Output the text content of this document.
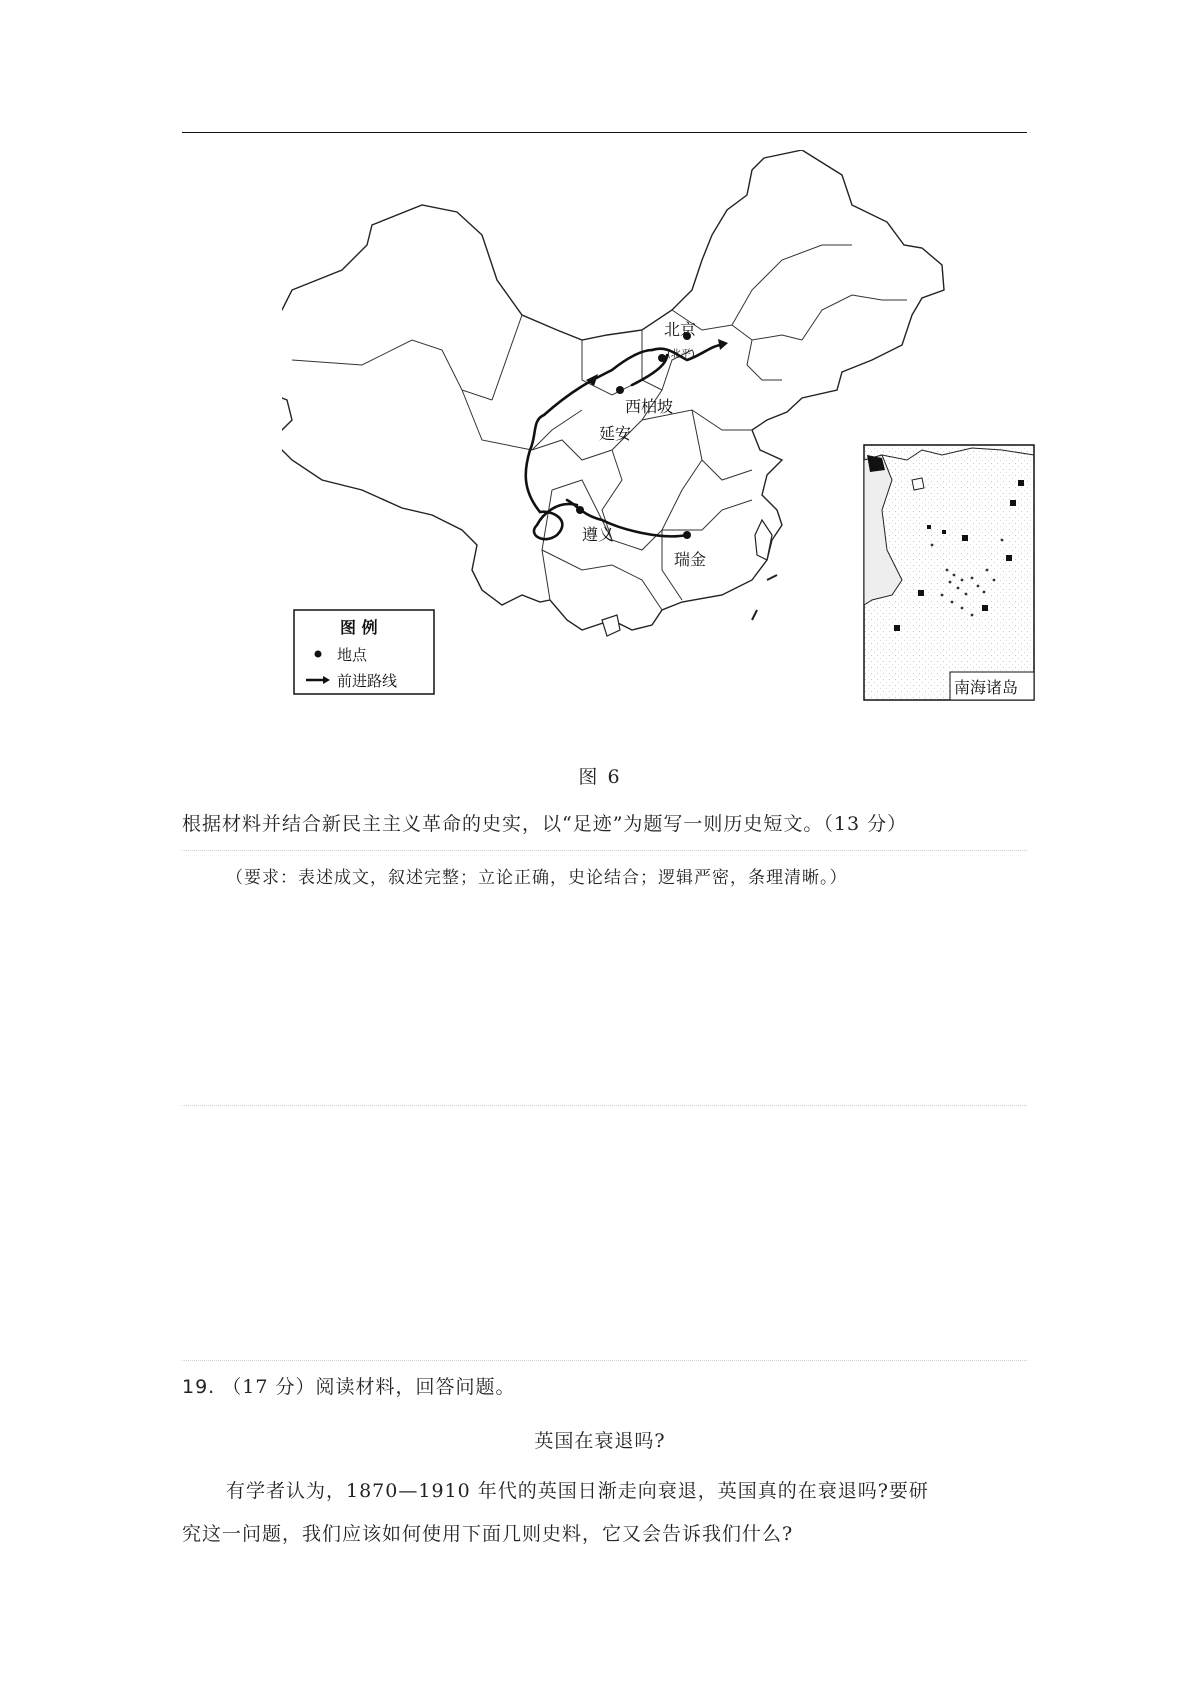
北京
(北平)
西柏坡
延安
遵义
瑞金
图 例
地点
前进路线	南海诸岛
图 6
根据材料并结合新民主主义革命的史实，以“足迹”为题写一则历史短文。（13 分）
（要求：表述成文，叙述完整；立论正确，史论结合；逻辑严密，条理清晰。）
19. （17 分）阅读材料，回答问题。
英国在衰退吗?
有学者认为，1870—1910 年代的英国日渐走向衰退，英国真的在衰退吗?要研
究这一问题，我们应该如何使用下面几则史料，它又会告诉我们什么?
